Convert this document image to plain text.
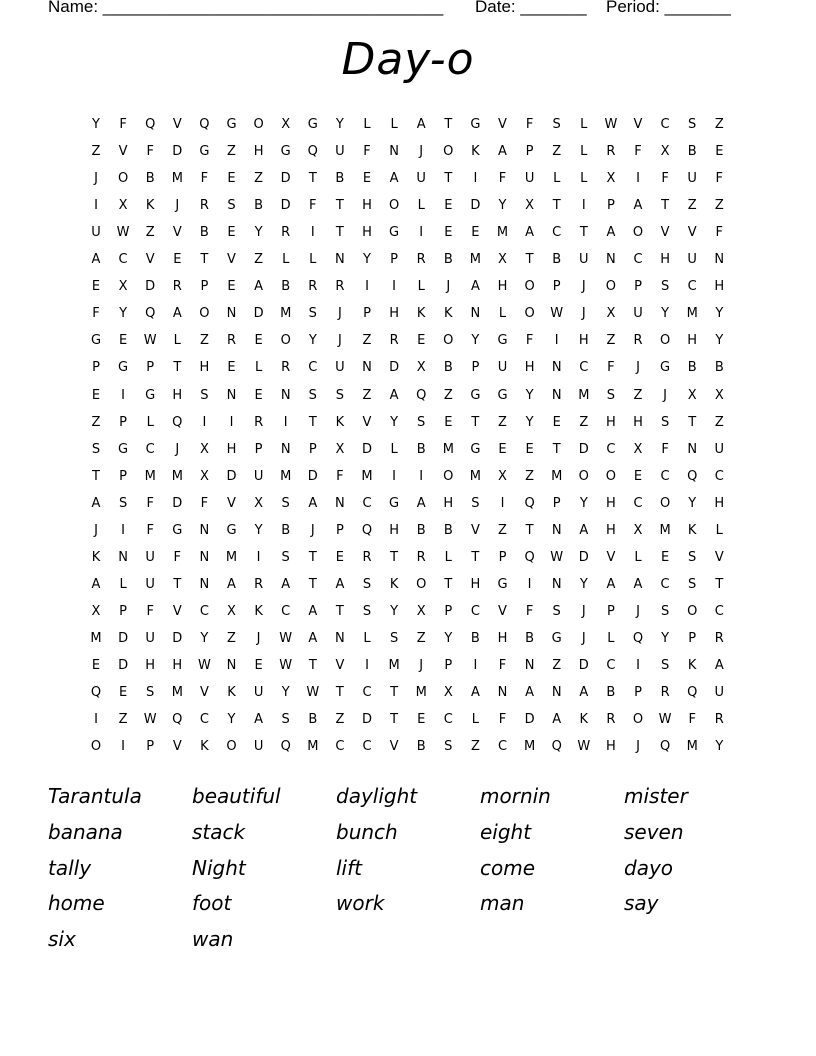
Name: ____________________________________ Date: _______ Period: _______
Day-o
Y	F	Q	V	Q	G	O	X	G	Y	L	L	A	T	G	V	F	S	L	W	V	C	S	Z
Z	V	F	D	G	Z	H	G	Q	U	F	N	J	O	K	A	P	Z	L	R	F	X	B	E
J	O	B	M	F	E	Z	D	T	B	E	A	U	T	I	F	U	L	L	X	I	F	U	F
I	X	K	J	R	S	B	D	F	T	H	O	L	E	D	Y	X	T	I	P	A	T	Z	Z
U	W	Z	V	B	E	Y	R	I	T	H	G	I	E	E	M	A	C	T	A	O	V	V	F
A	C	V	E	T	V	Z	L	L	N	Y	P	R	B	M	X	T	B	U	N	C	H	U	N
E	X	D	R	P	E	A	B	R	R	I	I	L	J	A	H	O	P	J	O	P	S	C	H
F	Y	Q	A	O	N	D	M	S	J	P	H	K	K	N	L	O	W	J	X	U	Y	M	Y
G	E	W	L	Z	R	E	O	Y	J	Z	R	E	O	Y	G	F	I	H	Z	R	O	H	Y
P	G	P	T	H	E	L	R	C	U	N	D	X	B	P	U	H	N	C	F	J	G	B	B
E	I	G	H	S	N	E	N	S	S	Z	A	Q	Z	G	G	Y	N	M	S	Z	J	X	X
Z	P	L	Q	I	I	R	I	T	K	V	Y	S	E	T	Z	Y	E	Z	H	H	S	T	Z
S	G	C	J	X	H	P	N	P	X	D	L	B	M	G	E	E	T	D	C	X	F	N	U
T	P	M	M	X	D	U	M	D	F	M	I	I	O	M	X	Z	M	O	O	E	C	Q	C
A	S	F	D	F	V	X	S	A	N	C	G	A	H	S	I	Q	P	Y	H	C	O	Y	H
J	I	F	G	N	G	Y	B	J	P	Q	H	B	B	V	Z	T	N	A	H	X	M	K	L
K	N	U	F	N	M	I	S	T	E	R	T	R	L	T	P	Q	W	D	V	L	E	S	V
A	L	U	T	N	A	R	A	T	A	S	K	O	T	H	G	I	N	Y	A	A	C	S	T
X	P	F	V	C	X	K	C	A	T	S	Y	X	P	C	V	F	S	J	P	J	S	O	C
M	D	U	D	Y	Z	J	W	A	N	L	S	Z	Y	B	H	B	G	J	L	Q	Y	P	R
E	D	H	H	W	N	E	W	T	V	I	M	J	P	I	F	N	Z	D	C	I	S	K	A
Q	E	S	M	V	K	U	Y	W	T	C	T	M	X	A	N	A	N	A	B	P	R	Q	U
I	Z	W	Q	C	Y	A	S	B	Z	D	T	E	C	L	F	D	A	K	R	O	W	F	R
O	I	P	V	K	O	U	Q	M	C	C	V	B	S	Z	C	M	Q	W	H	J	Q	M	Y
Tarantula	beautiful	daylight	mornin	mister
banana	stack	bunch	eight	seven
tally	Night	lift	come	dayo
home	foot	work	man	say
six	wan
